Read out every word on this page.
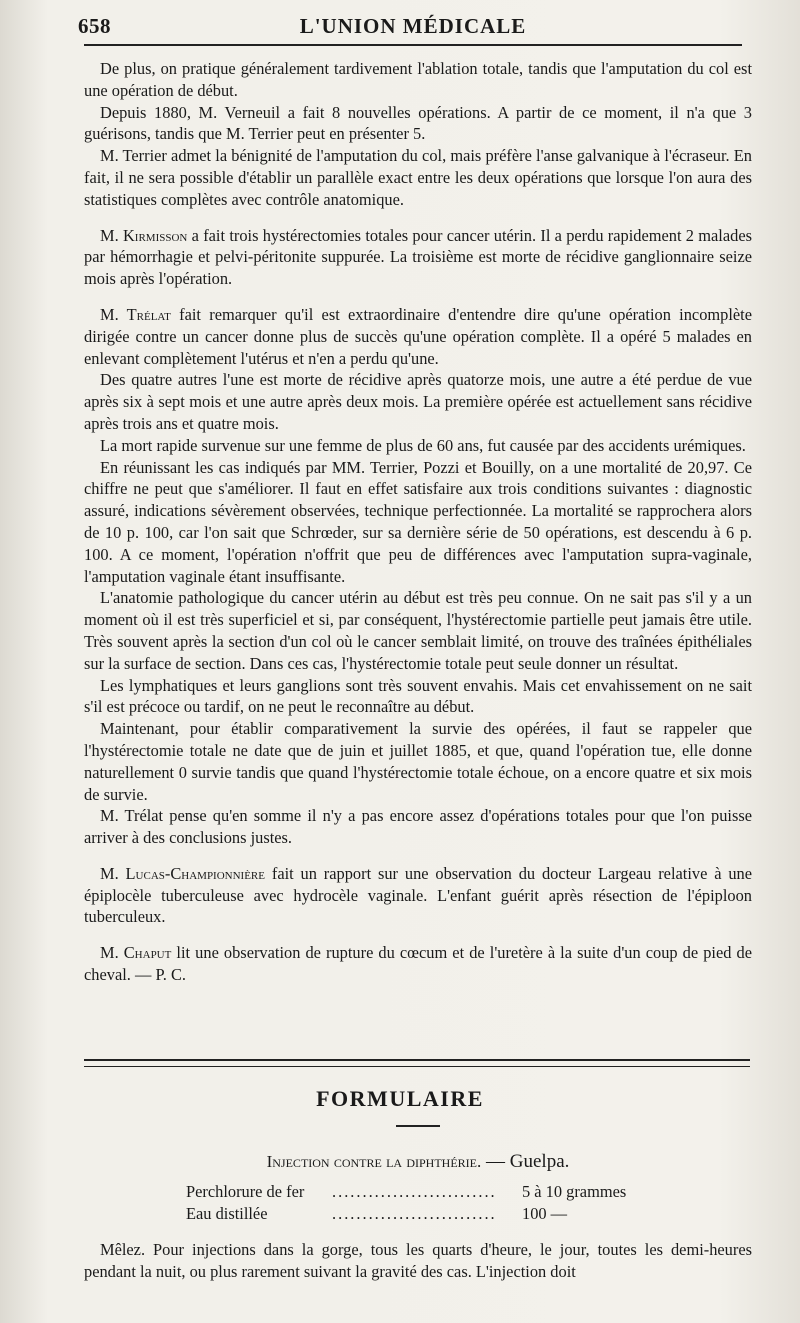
658	L'UNION MÉDICALE

De plus, on pratique généralement tardivement l'ablation totale, tandis que l'amputation du col est une opération de début.

Depuis 1880, M. Verneuil a fait 8 nouvelles opérations. A partir de ce moment, il n'a que 3 guérisons, tandis que M. Terrier peut en présenter 5.

M. Terrier admet la bénignité de l'amputation du col, mais préfère l'anse galvanique à l'écraseur. En fait, il ne sera possible d'établir un parallèle exact entre les deux opérations que lorsque l'on aura des statistiques complètes avec contrôle anatomique.

M. Kirmisson a fait trois hystérectomies totales pour cancer utérin. Il a perdu rapidement 2 malades par hémorrhagie et pelvi-péritonite suppurée. La troisième est morte de récidive ganglionnaire seize mois après l'opération.

M. Trélat fait remarquer qu'il est extraordinaire d'entendre dire qu'une opération incomplète dirigée contre un cancer donne plus de succès qu'une opération complète. Il a opéré 5 malades en enlevant complètement l'utérus et n'en a perdu qu'une.

Des quatre autres l'une est morte de récidive après quatorze mois, une autre a été perdue de vue après six à sept mois et une autre après deux mois. La première opérée est actuellement sans récidive après trois ans et quatre mois.

La mort rapide survenue sur une femme de plus de 60 ans, fut causée par des accidents urémiques.

En réunissant les cas indiqués par MM. Terrier, Pozzi et Bouilly, on a une mortalité de 20,97. Ce chiffre ne peut que s'améliorer. Il faut en effet satisfaire aux trois conditions suivantes : diagnostic assuré, indications sévèrement observées, technique perfectionnée. La mortalité se rapprochera alors de 10 p. 100, car l'on sait que Schrœder, sur sa dernière série de 50 opérations, est descendu à 6 p. 100. A ce moment, l'opération n'offrit que peu de différences avec l'amputation supra-vaginale, l'amputation vaginale étant insuffisante.

L'anatomie pathologique du cancer utérin au début est très peu connue. On ne sait pas s'il y a un moment où il est très superficiel et si, par conséquent, l'hystérectomie partielle peut jamais être utile. Très souvent après la section d'un col où le cancer semblait limité, on trouve des traînées épithéliales sur la surface de section. Dans ces cas, l'hystérectomie totale peut seule donner un résultat.

Les lymphatiques et leurs ganglions sont très souvent envahis. Mais cet envahissement on ne sait s'il est précoce ou tardif, on ne peut le reconnaître au début.

Maintenant, pour établir comparativement la survie des opérées, il faut se rappeler que l'hystérectomie totale ne date que de juin et juillet 1885, et que, quand l'opération tue, elle donne naturellement 0 survie tandis que quand l'hystérectomie totale échoue, on a encore quatre et six mois de survie.

M. Trélat pense qu'en somme il n'y a pas encore assez d'opérations totales pour que l'on puisse arriver à des conclusions justes.

M. Lucas-Championnière fait un rapport sur une observation du docteur Largeau relative à une épiplocèle tuberculeuse avec hydrocèle vaginale. L'enfant guérit après résection de l'épiploon tuberculeux.

M. Chaput lit une observation de rupture du cœcum et de l'uretère à la suite d'un coup de pied de cheval. — P. C.

FORMULAIRE
Injection contre la diphthérie. — Guelpa.
Perchlorure de fer ...........................	5 à 10 grammes
Eau distillée	...........................	100 —

Mêlez. Pour injections dans la gorge, tous les quarts d'heure, le jour, toutes les demi-heures pendant la nuit, ou plus rarement suivant la gravité des cas. L'injection doit
